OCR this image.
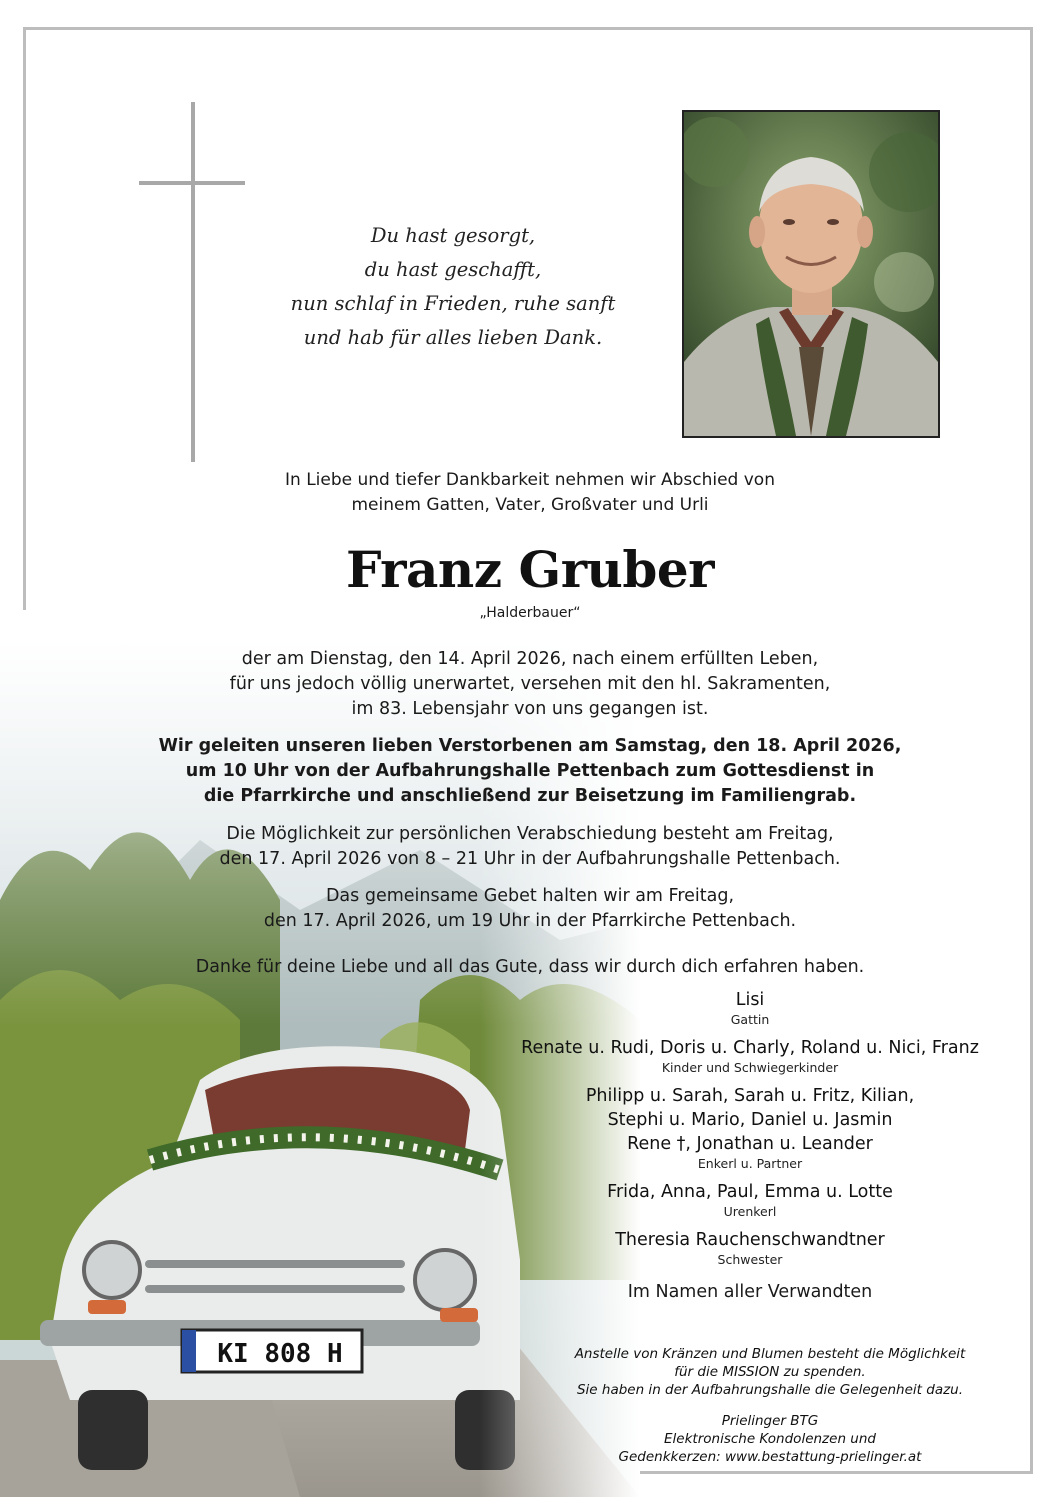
Du hast gesorgt,
du hast geschafft,
nun schlaf in Frieden, ruhe sanft
und hab für alles lieben Dank.
In Liebe und tiefer Dankbarkeit nehmen wir Abschied von
meinem Gatten, Vater, Großvater und Urli
Franz Gruber
„Halderbauer“
der am Dienstag, den 14. April 2026, nach einem erfüllten Leben,
für uns jedoch völlig unerwartet, versehen mit den hl. Sakramenten,
im 83. Lebensjahr von uns gegangen ist.
Wir geleiten unseren lieben Verstorbenen am Samstag, den 18. April 2026,
um 10 Uhr von der Aufbahrungshalle Pettenbach zum Gottesdienst in
die Pfarrkirche und anschließend zur Beisetzung im Familiengrab.
Die Möglichkeit zur persönlichen Verabschiedung besteht am Freitag,
den 17. April 2026 von 8 – 21 Uhr in der Aufbahrungshalle Pettenbach.
Das gemeinsame Gebet halten wir am Freitag,
den 17. April 2026, um 19 Uhr in der Pfarrkirche Pettenbach.
Danke für deine Liebe und all das Gute, dass wir durch dich erfahren haben.
Lisi
Gattin
Renate u. Rudi, Doris u. Charly, Roland u. Nici, Franz
Kinder und Schwiegerkinder
Philipp u. Sarah, Sarah u. Fritz, Kilian,
Stephi u. Mario, Daniel u. Jasmin
Rene †, Jonathan u. Leander
Enkerl u. Partner
Frida, Anna, Paul, Emma u. Lotte
Urenkerl
Theresia Rauchenschwandtner
Schwester
Im Namen aller Verwandten
Anstelle von Kränzen und Blumen besteht die Möglichkeit
für die MISSION zu spenden.
Sie haben in der Aufbahrungshalle die Gelegenheit dazu.
Prielinger BTG
Elektronische Kondolenzen und
Gedenkkerzen: www.bestattung-prielinger.at
